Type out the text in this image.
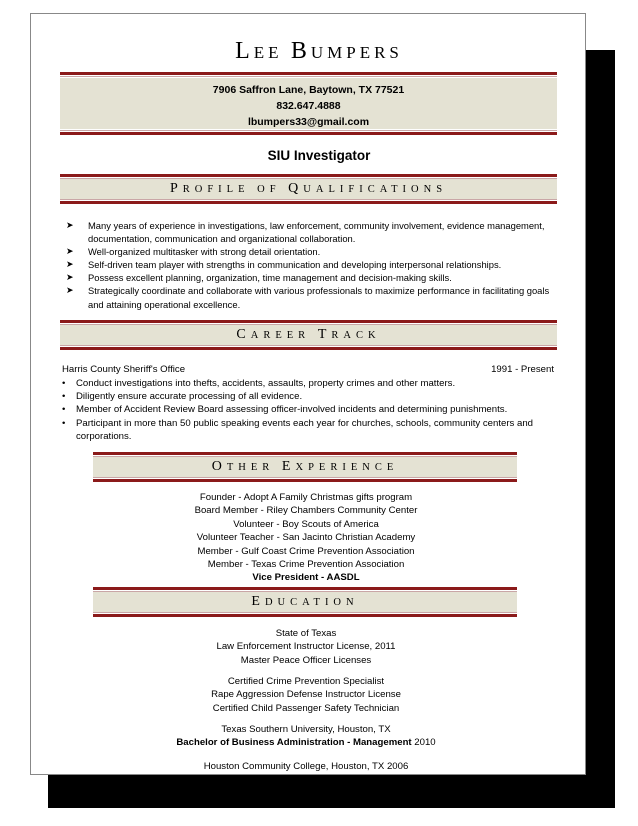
LEE BUMPERS
7906 Saffron Lane, Baytown, TX 77521
832.647.4888
lbumpers33@gmail.com
SIU Investigator
PROFILE OF QUALIFICATIONS
➤ Many years of experience in investigations, law enforcement, community involvement, evidence management, documentation, communication and organizational collaboration.
➤ Well-organized multitasker with strong detail orientation.
➤ Self-driven team player with strengths in communication and developing interpersonal relationships.
➤ Possess excellent planning, organization, time management and decision-making skills.
➤ Strategically coordinate and collaborate with various professionals to maximize performance in facilitating goals and attaining operational excellence.
CAREER TRACK
Harris County Sheriff's Office	1991 - Present
• Conduct investigations into thefts, accidents, assaults, property crimes and other matters.
• Diligently ensure accurate processing of all evidence.
• Member of Accident Review Board assessing officer-involved incidents and determining punishments.
• Participant in more than 50 public speaking events each year for churches, schools, community centers and corporations.
OTHER EXPERIENCE
Founder - Adopt A Family Christmas gifts program
Board Member - Riley Chambers Community Center
Volunteer - Boy Scouts of America
Volunteer Teacher - San Jacinto Christian Academy
Member - Gulf Coast Crime Prevention Association
Member - Texas Crime Prevention Association
Vice President - AASDL
EDUCATION
State of Texas
Law Enforcement Instructor License, 2011
Master Peace Officer Licenses
Certified Crime Prevention Specialist
Rape Aggression Defense Instructor License
Certified Child Passenger Safety Technician
Texas Southern University, Houston, TX
Bachelor of Business Administration - Management 2010
Houston Community College, Houston, TX 2006
